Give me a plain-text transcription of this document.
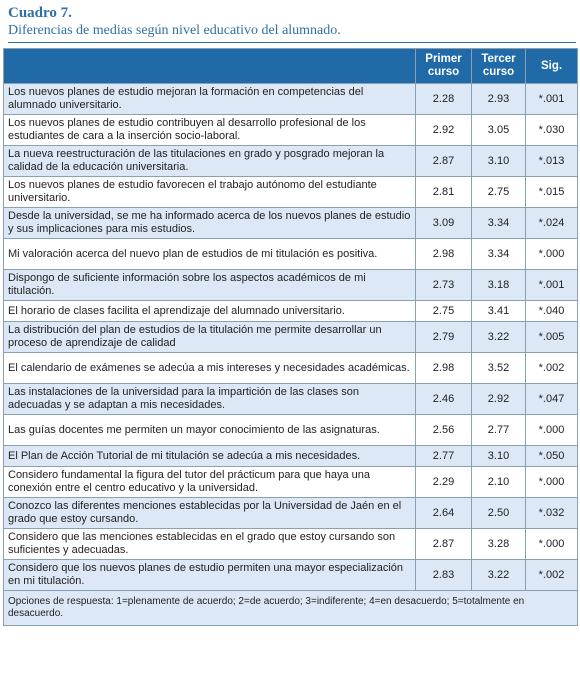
Cuadro 7.
Diferencias de medias según nivel educativo del alumnado.
	Primer curso	Tercer curso	Sig.
Los nuevos planes de estudio mejoran la formación en competencias del alumnado universitario.	2.28	2.93	*.001
Los nuevos planes de estudio contribuyen al desarrollo profesional de los estudiantes de cara a la inserción socio-laboral.	2.92	3.05	*.030
La nueva reestructuración de las titulaciones en grado y posgrado mejoran la calidad de la educación universitaria.	2.87	3.10	*.013
Los nuevos planes de estudio favorecen el trabajo autónomo del estudiante universitario.	2.81	2.75	*.015
Desde la universidad, se me ha informado acerca de los nuevos planes de estudio y sus implicaciones para mis estudios.	3.09	3.34	*.024
Mi valoración acerca del nuevo plan de estudios de mi titulación es positiva.	2.98	3.34	*.000
Dispongo de suficiente información sobre los aspectos académicos de mi titulación.	2.73	3.18	*.001
El horario de clases facilita el aprendizaje del alumnado universitario.	2.75	3.41	*.040
La distribución del plan de estudios de la titulación me permite desarrollar un proceso de aprendizaje de calidad	2.79	3.22	*.005
El calendario de exámenes se adecúa a mis intereses y necesidades académicas.	2.98	3.52	*.002
Las instalaciones de la universidad para la impartición de las clases son adecuadas y se adaptan a mis necesidades.	2.46	2.92	*.047
Las guías docentes me permiten un mayor conocimiento de las asignaturas.	2.56	2.77	*.000
El Plan de Acción Tutorial de mi titulación se adecúa a mis necesidades.	2.77	3.10	*.050
Considero fundamental la figura del tutor del prácticum para que haya una conexión entre el centro educativo y la universidad.	2.29	2.10	*.000
Conozco las diferentes menciones establecidas por la Universidad de Jaén en el grado que estoy cursando.	2.64	2.50	*.032
Considero que las menciones establecidas en el grado que estoy cursando son suficientes y adecuadas.	2.87	3.28	*.000
Considero que los nuevos planes de estudio permiten una mayor especialización en mi titulación.	2.83	3.22	*.002
Opciones de respuesta: 1=plenamente de acuerdo; 2=de acuerdo; 3=indiferente; 4=en desacuerdo; 5=totalmente en desacuerdo.			
